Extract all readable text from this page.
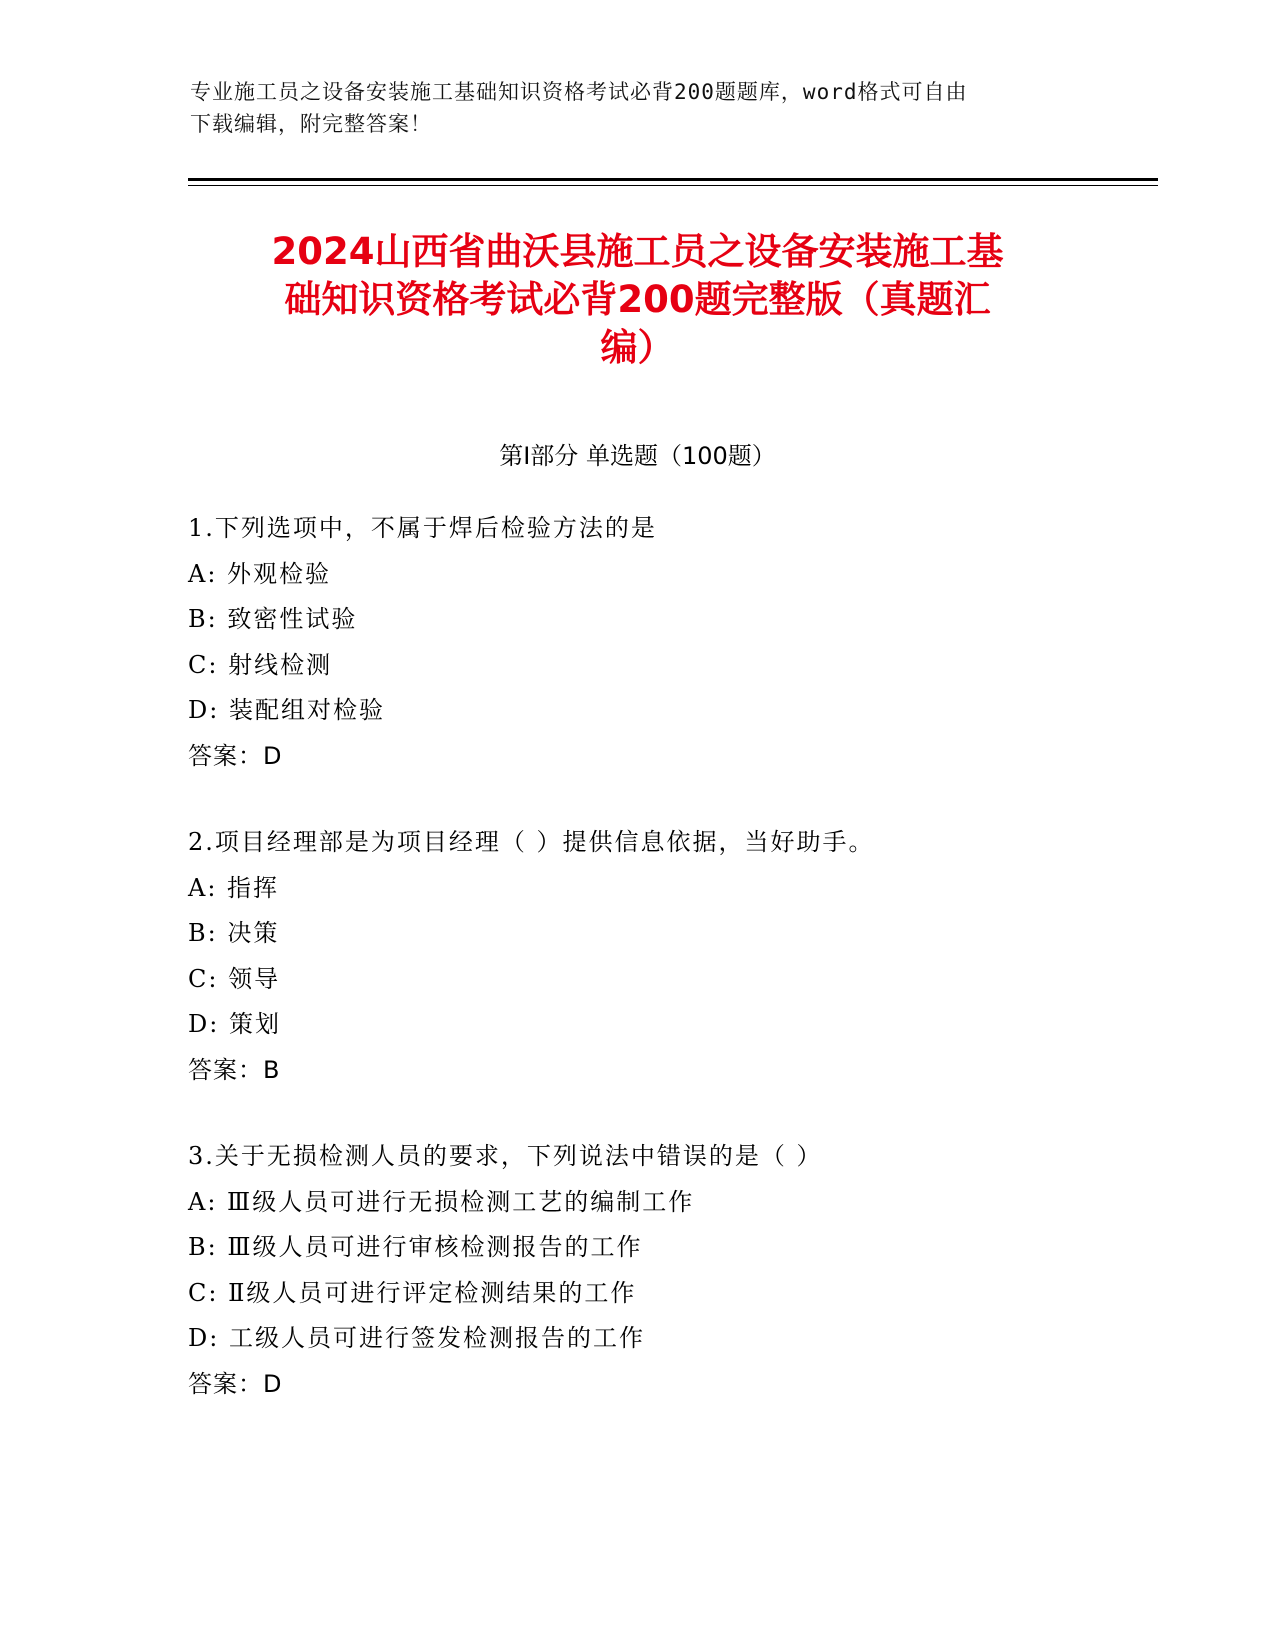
专业施工员之设备安装施工基础知识资格考试必背200题题库，word格式可自由
下载编辑，附完整答案！
2024山西省曲沃县施工员之设备安装施工基
础知识资格考试必背200题完整版（真题汇
编）
第Ⅰ部分 单选题（100题）
1.下列选项中，不属于焊后检验方法的是
A: 外观检验
B: 致密性试验
C: 射线检测
D: 装配组对检验
答案：D
2.项目经理部是为项目经理（ ）提供信息依据，当好助手。
A: 指挥
B: 决策
C: 领导
D: 策划
答案：B
3.关于无损检测人员的要求，下列说法中错误的是（ ）
A: Ⅲ级人员可进行无损检测工艺的编制工作
B: Ⅲ级人员可进行审核检测报告的工作
C: Ⅱ级人员可进行评定检测结果的工作
D: 工级人员可进行签发检测报告的工作
答案：D
